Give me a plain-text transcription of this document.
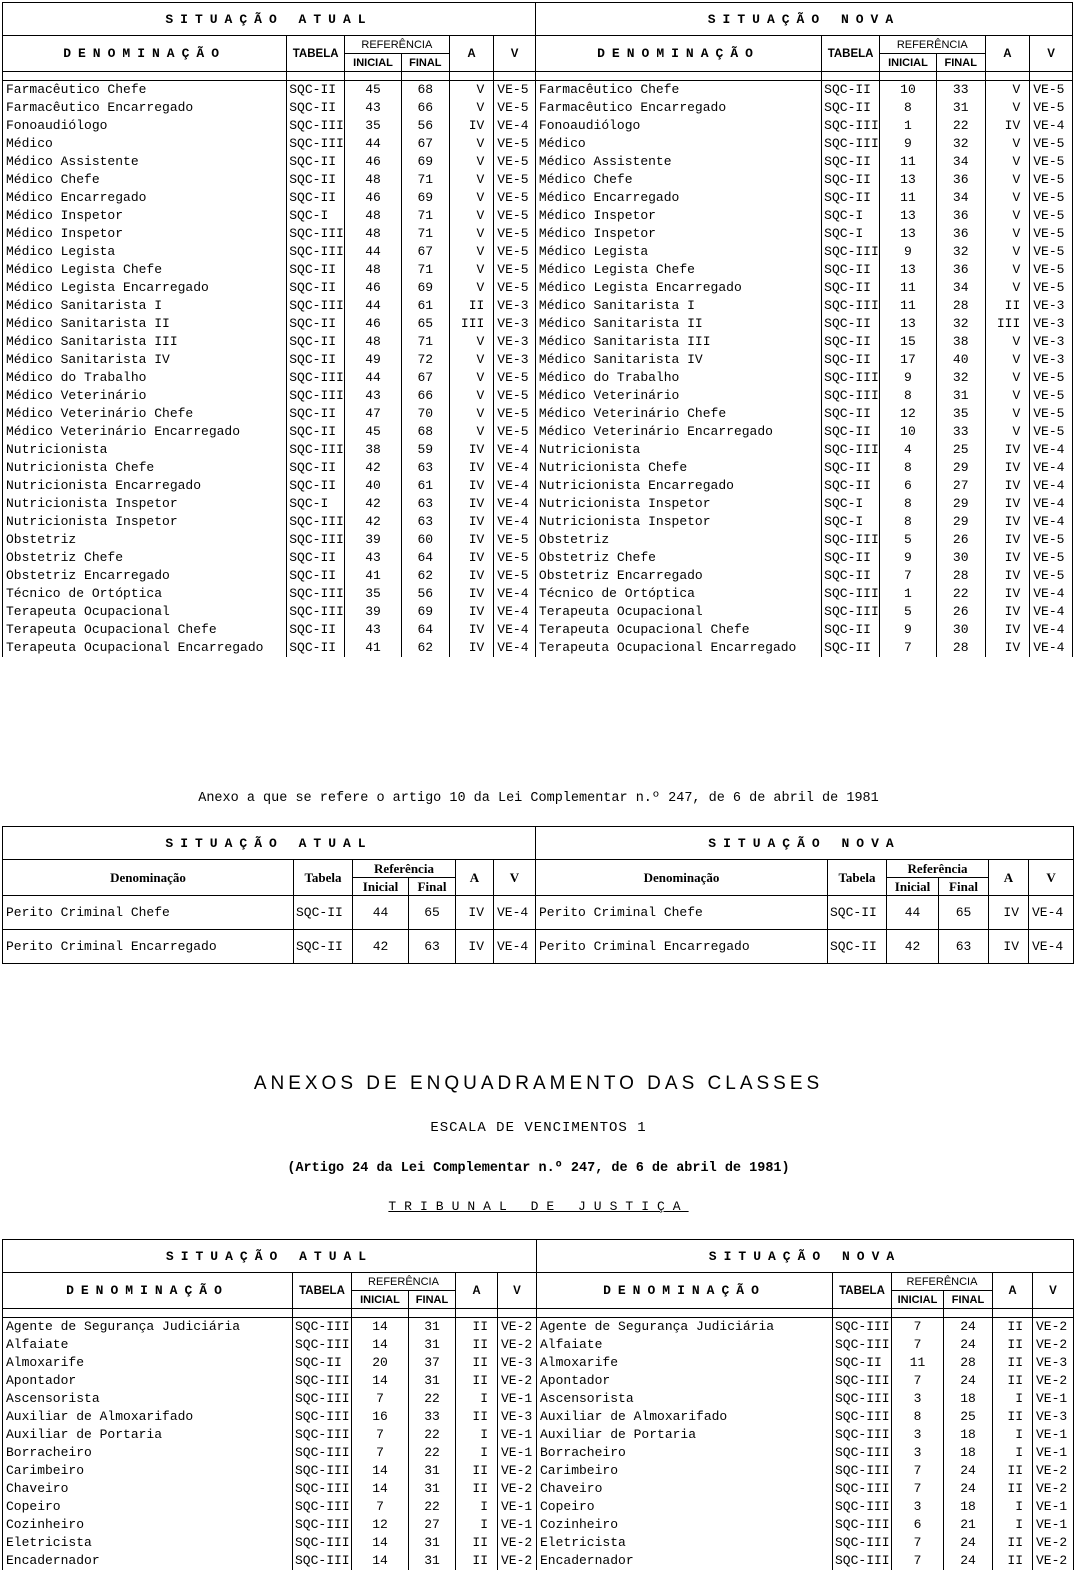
SITUAÇÃO ATUAL						SITUAÇÃO NOVA					
DENOMINAÇÃO	TABELA	REFERÊNCIA		A	V	DENOMINAÇÃO	TABELA	REFERÊNCIA		A	V
		INICIAL	FINAL					INICIAL	FINAL		

Farmacêutico Chefe	SQC-II	45	68	V	VE-5	Farmacêutico Chefe	SQC-II	10	33	V	VE-5
Farmacêutico Encarregado	SQC-II	43	66	V	VE-5	Farmacêutico Encarregado	SQC-II	8	31	V	VE-5
Fonoaudiólogo	SQC-III	35	56	IV	VE-4	Fonoaudiólogo	SQC-III	1	22	IV	VE-4
Médico	SQC-III	44	67	V	VE-5	Médico	SQC-III	9	32	V	VE-5
Médico Assistente	SQC-II	46	69	V	VE-5	Médico Assistente	SQC-II	11	34	V	VE-5
Médico Chefe	SQC-II	48	71	V	VE-5	Médico Chefe	SQC-II	13	36	V	VE-5
Médico Encarregado	SQC-II	46	69	V	VE-5	Médico Encarregado	SQC-II	11	34	V	VE-5
Médico Inspetor	SQC-I	48	71	V	VE-5	Médico Inspetor	SQC-I	13	36	V	VE-5
Médico Inspetor	SQC-III	48	71	V	VE-5	Médico Inspetor	SQC-I	13	36	V	VE-5
Médico Legista	SQC-III	44	67	V	VE-5	Médico Legista	SQC-III	9	32	V	VE-5
Médico Legista Chefe	SQC-II	48	71	V	VE-5	Médico Legista Chefe	SQC-II	13	36	V	VE-5
Médico Legista Encarregado	SQC-II	46	69	V	VE-5	Médico Legista Encarregado	SQC-II	11	34	V	VE-5
Médico Sanitarista I	SQC-III	44	61	II	VE-3	Médico Sanitarista I	SQC-III	11	28	II	VE-3
Médico Sanitarista II	SQC-II	46	65	III	VE-3	Médico Sanitarista II	SQC-II	13	32	III	VE-3
Médico Sanitarista III	SQC-II	48	71	V	VE-3	Médico Sanitarista III	SQC-II	15	38	V	VE-3
Médico Sanitarista IV	SQC-II	49	72	V	VE-3	Médico Sanitarista IV	SQC-II	17	40	V	VE-3
Médico do Trabalho	SQC-III	44	67	V	VE-5	Médico do Trabalho	SQC-III	9	32	V	VE-5
Médico Veterinário	SQC-III	43	66	V	VE-5	Médico Veterinário	SQC-III	8	31	V	VE-5
Médico Veterinário Chefe	SQC-II	47	70	V	VE-5	Médico Veterinário Chefe	SQC-II	12	35	V	VE-5
Médico Veterinário Encarregado	SQC-II	45	68	V	VE-5	Médico Veterinário Encarregado	SQC-II	10	33	V	VE-5
Nutricionista	SQC-III	38	59	IV	VE-4	Nutricionista	SQC-III	4	25	IV	VE-4
Nutricionista Chefe	SQC-II	42	63	IV	VE-4	Nutricionista Chefe	SQC-II	8	29	IV	VE-4
Nutricionista Encarregado	SQC-II	40	61	IV	VE-4	Nutricionista Encarregado	SQC-II	6	27	IV	VE-4
Nutricionista Inspetor	SQC-I	42	63	IV	VE-4	Nutricionista Inspetor	SQC-I	8	29	IV	VE-4
Nutricionista Inspetor	SQC-III	42	63	IV	VE-4	Nutricionista Inspetor	SQC-I	8	29	IV	VE-4
Obstetriz	SQC-III	39	60	IV	VE-5	Obstetriz	SQC-III	5	26	IV	VE-5
Obstetriz Chefe	SQC-II	43	64	IV	VE-5	Obstetriz Chefe	SQC-II	9	30	IV	VE-5
Obstetriz Encarregado	SQC-II	41	62	IV	VE-5	Obstetriz Encarregado	SQC-II	7	28	IV	VE-5
Técnico de Ortóptica	SQC-III	35	56	IV	VE-4	Técnico de Ortóptica	SQC-III	1	22	IV	VE-4
Terapeuta Ocupacional	SQC-III	39	69	IV	VE-4	Terapeuta Ocupacional	SQC-III	5	26	IV	VE-4
Terapeuta Ocupacional Chefe	SQC-II	43	64	IV	VE-4	Terapeuta Ocupacional Chefe	SQC-II	9	30	IV	VE-4
Terapeuta Ocupacional Encarregado	SQC-II	41	62	IV	VE-4	Terapeuta Ocupacional Encarregado	SQC-II	7	28	IV	VE-4
Anexo a que se refere o artigo 10 da Lei Complementar n.º 247, de 6 de abril de 1981
SITUAÇÃO ATUAL						SITUAÇÃO NOVA					
Denominação	Tabela	Referência		A	V	Denominação	Tabela	Referência		A	V
		Inicial	Final					Inicial	Final		
Perito Criminal Chefe	SQC-II	44	65	IV	VE-4	Perito Criminal Chefe	SQC-II	44	65	IV	VE-4
Perito Criminal Encarregado	SQC-II	42	63	IV	VE-4	Perito Criminal Encarregado	SQC-II	42	63	IV	VE-4
ANEXOS DE ENQUADRAMENTO DAS CLASSES
ESCALA DE VENCIMENTOS 1
(Artigo 24 da Lei Complementar n.º 247, de 6 de abril de 1981)
TRIBUNAL DE JUSTIÇA
SITUAÇÃO ATUAL						SITUAÇÃO NOVA					
DENOMINAÇÃO	TABELA	REFERÊNCIA		A	V	DENOMINAÇÃO	TABELA	REFERÊNCIA		A	V
		INICIAL	FINAL					INICIAL	FINAL		

Agente de Segurança Judiciária	SQC-III	14	31	II	VE-2	Agente de Segurança Judiciária	SQC-III	7	24	II	VE-2
Alfaiate	SQC-III	14	31	II	VE-2	Alfaiate	SQC-III	7	24	II	VE-2
Almoxarife	SQC-II	20	37	II	VE-3	Almoxarife	SQC-II	11	28	II	VE-3
Apontador	SQC-III	14	31	II	VE-2	Apontador	SQC-III	7	24	II	VE-2
Ascensorista	SQC-III	7	22	I	VE-1	Ascensorista	SQC-III	3	18	I	VE-1
Auxiliar de Almoxarifado	SQC-III	16	33	II	VE-3	Auxiliar de Almoxarifado	SQC-III	8	25	II	VE-3
Auxiliar de Portaria	SQC-III	7	22	I	VE-1	Auxiliar de Portaria	SQC-III	3	18	I	VE-1
Borracheiro	SQC-III	7	22	I	VE-1	Borracheiro	SQC-III	3	18	I	VE-1
Carimbeiro	SQC-III	14	31	II	VE-2	Carimbeiro	SQC-III	7	24	II	VE-2
Chaveiro	SQC-III	14	31	II	VE-2	Chaveiro	SQC-III	7	24	II	VE-2
Copeiro	SQC-III	7	22	I	VE-1	Copeiro	SQC-III	3	18	I	VE-1
Cozinheiro	SQC-III	12	27	I	VE-1	Cozinheiro	SQC-III	6	21	I	VE-1
Eletricista	SQC-III	14	31	II	VE-2	Eletricista	SQC-III	7	24	II	VE-2
Encadernador	SQC-III	14	31	II	VE-2	Encadernador	SQC-III	7	24	II	VE-2
